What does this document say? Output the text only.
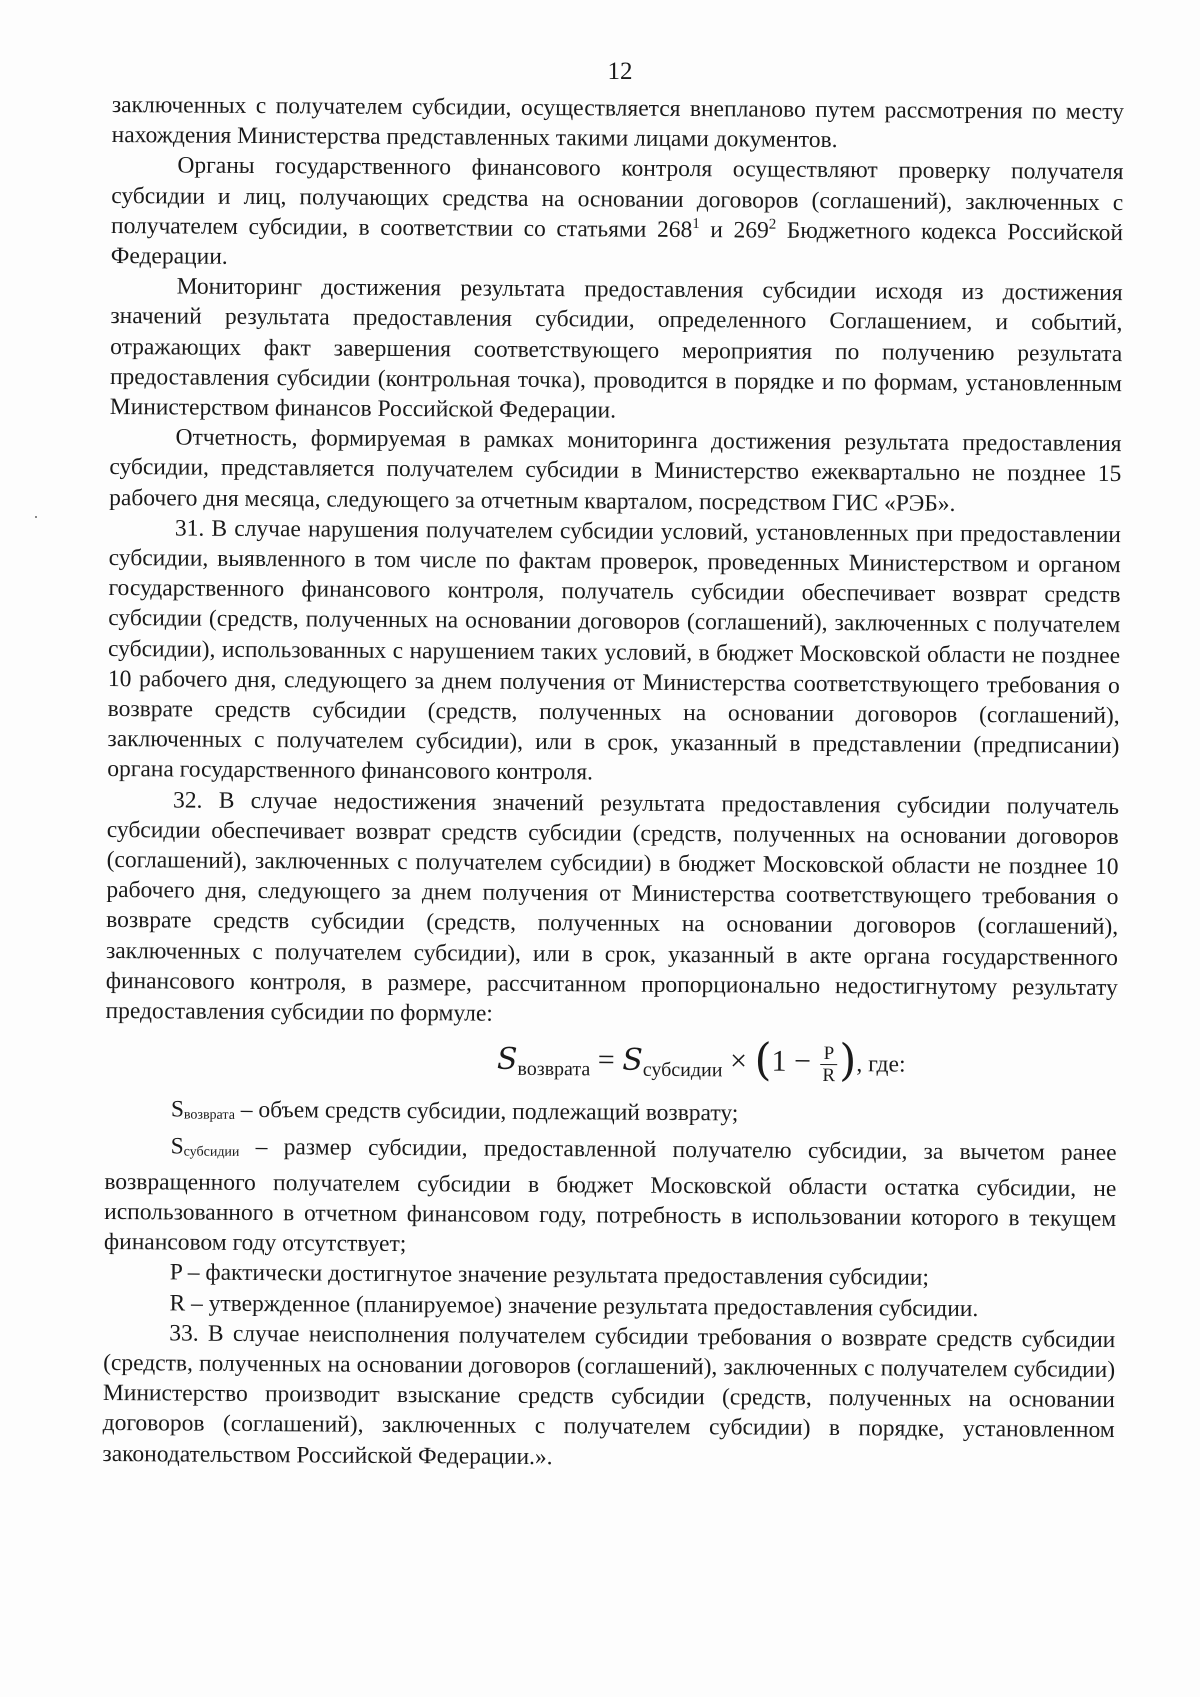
12

заключенных с получателем субсидии, осуществляется внепланово путем рассмотрения по месту нахождения Министерства представленных такими лицами документов.

Органы государственного финансового контроля осуществляют проверку получателя субсидии и лиц, получающих средства на основании договоров (соглашений), заключенных с получателем субсидии, в соответствии со статьями 268$^1$ и 269$^2$ Бюджетного кодекса Российской Федерации.

Мониторинг достижения результата предоставления субсидии исходя из достижения значений результата предоставления субсидии, определенного Соглашением, и событий, отражающих факт завершения соответствующего мероприятия по получению результата предоставления субсидии (контрольная точка), проводится в порядке и по формам, установленным Министерством финансов Российской Федерации.

Отчетность, формируемая в рамках мониторинга достижения результата предоставления субсидии, представляется получателем субсидии в Министерство ежеквартально не позднее 15 рабочего дня месяца, следующего за отчетным кварталом, посредством ГИС «РЭБ».

31. В случае нарушения получателем субсидии условий, установленных при предоставлении субсидии, выявленного в том числе по фактам проверок, проведенных Министерством и органом государственного финансового контроля, получатель субсидии обеспечивает возврат средств субсидии (средств, полученных на основании договоров (соглашений), заключенных с получателем субсидии), использованных с нарушением таких условий, в бюджет Московской области не позднее 10 рабочего дня, следующего за днем получения от Министерства соответствующего требования о возврате средств субсидии (средств, полученных на основании договоров (соглашений), заключенных с получателем субсидии), или в срок, указанный в представлении (предписании) органа государственного финансового контроля.

32. В случае недостижения значений результата предоставления субсидии получатель субсидии обеспечивает возврат средств субсидии (средств, полученных на основании договоров (соглашений), заключенных с получателем субсидии) в бюджет Московской области не позднее 10 рабочего дня, следующего за днем получения от Министерства соответствующего требования о возврате средств субсидии (средств, полученных на основании договоров (соглашений), заключенных с получателем субсидии), или в срок, указанный в акте органа государственного финансового контроля, в размере, рассчитанном пропорционально недостигнутому результату предоставления субсидии по формуле:

$S_{возврата} = S_{субсидии} \times (1 - \frac{P}{R}$ ), где:

$S_{возврата}$ – объем средств субсидии, подлежащий возврату;

$S_{субсидии}$ – размер субсидии, предоставленной получателю субсидии, за вычетом ранее возвращенного получателем субсидии в бюджет Московской области остатка субсидии, не использованного в отчетном финансовом году, потребность в использовании которого в текущем финансовом году отсутствует;

P – фактически достигнутое значение результата предоставления субсидии;

R – утвержденное (планируемое) значение результата предоставления субсидии.

33. В случае неисполнения получателем субсидии требования о возврате средств субсидии (средств, полученных на основании договоров (соглашений), заключенных с получателем субсидии) Министерство производит взыскание средств субсидии (средств, полученных на основании договоров (соглашений), заключенных с получателем субсидии) в порядке, установленном законодательством Российской Федерации.».
